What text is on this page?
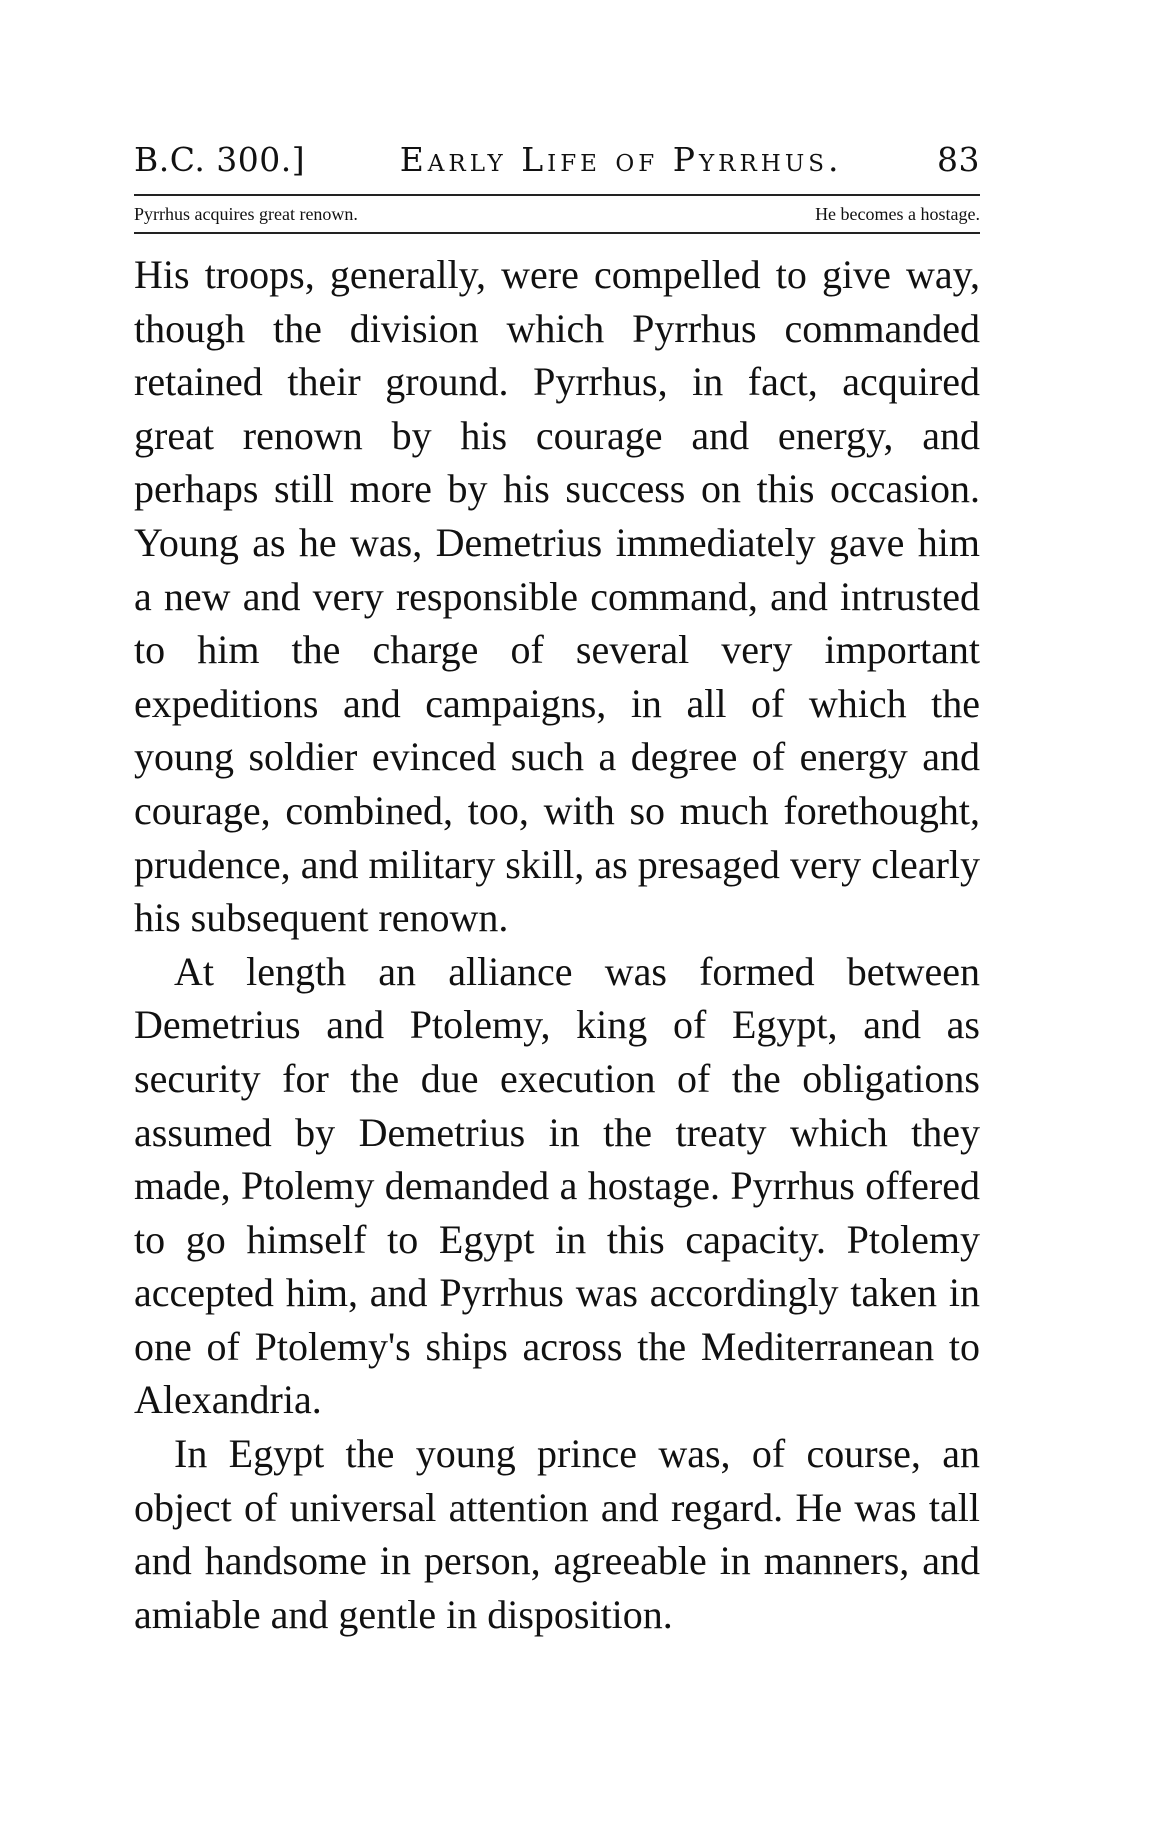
B.C. 300.]	Early Life of Pyrrhus.	83
Pyrrhus acquires great renown.	He becomes a hostage.

His troops, generally, were compelled to give way, though the division which Pyrrhus commanded retained their ground. Pyrrhus, in fact, acquired great renown by his courage and energy, and perhaps still more by his success on this occasion. Young as he was, Demetrius immediately gave him a new and very responsible command, and intrusted to him the charge of several very important expeditions and campaigns, in all of which the young soldier evinced such a degree of energy and courage, combined, too, with so much forethought, prudence, and military skill, as presaged very clearly his subsequent renown.

At length an alliance was formed between Demetrius and Ptolemy, king of Egypt, and as security for the due execution of the obligations assumed by Demetrius in the treaty which they made, Ptolemy demanded a hostage. Pyrrhus offered to go himself to Egypt in this capacity. Ptolemy accepted him, and Pyrrhus was accordingly taken in one of Ptolemy's ships across the Mediterranean to Alexandria.

In Egypt the young prince was, of course, an object of universal attention and regard. He was tall and handsome in person, agreeable in manners, and amiable and gentle in disposition.
